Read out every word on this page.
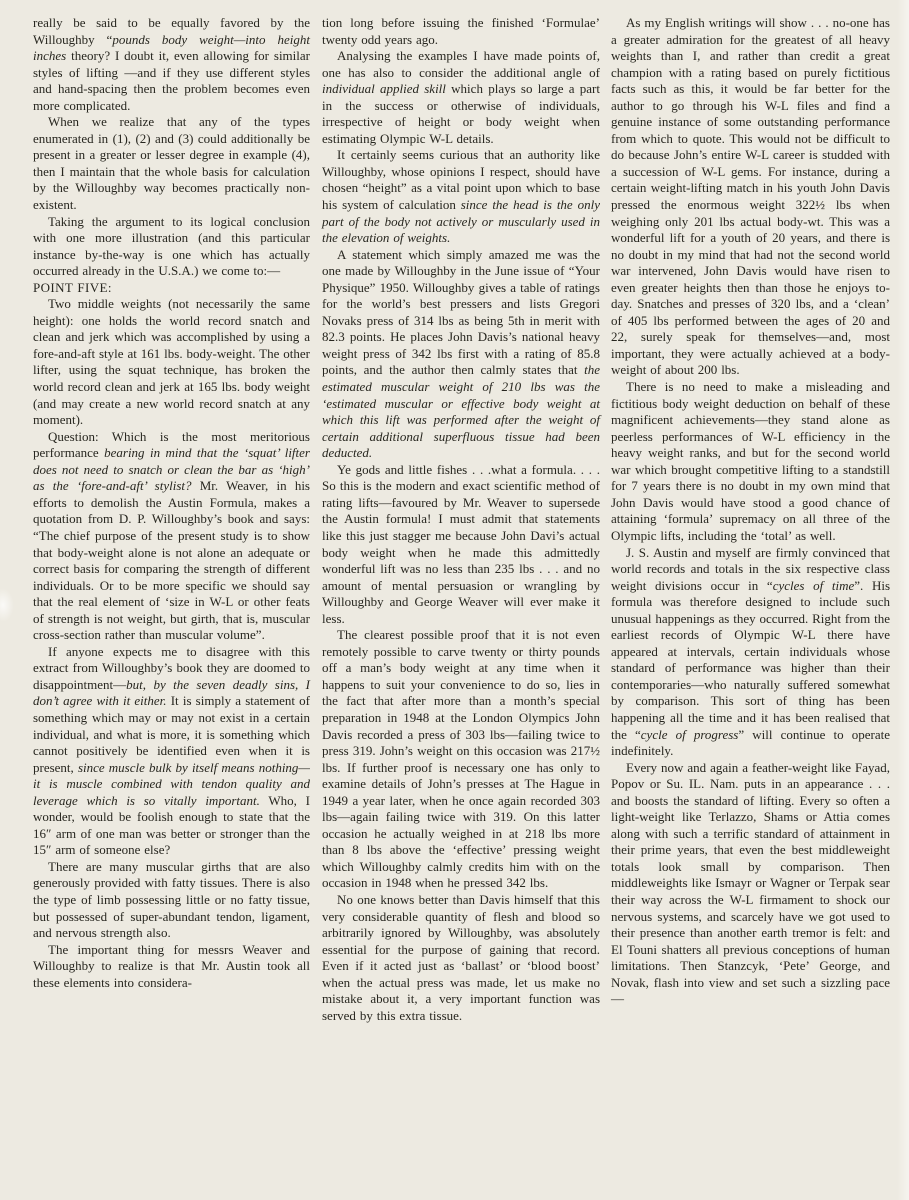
really be said to be equally favored by the Willoughby “pounds body weight—into height inches theory? I doubt it, even allowing for similar styles of lifting —and if they use different styles and hand-spacing then the problem becomes even more complicated.

When we realize that any of the types enumerated in (1), (2) and (3) could additionally be present in a greater or lesser degree in example (4), then I maintain that the whole basis for calculation by the Willoughby way becomes practically non-existent.

Taking the argument to its logical conclusion with one more illustration (and this particular instance by-the-way is one which has actually occurred already in the U.S.A.) we come to:—

POINT FIVE:

Two middle weights (not necessarily the same height): one holds the world record snatch and clean and jerk which was accomplished by using a fore-and-aft style at 161 lbs. body-weight. The other lifter, using the squat technique, has broken the world record clean and jerk at 165 lbs. body weight (and may create a new world record snatch at any moment).

Question: Which is the most meritorious performance bearing in mind that the ‘squat’ lifter does not need to snatch or clean the bar as ‘high’ as the ‘fore-and-aft’ stylist? Mr. Weaver, in his efforts to demolish the Austin Formula, makes a quotation from D. P. Willoughby’s book and says: “The chief purpose of the present study is to show that body-weight alone is not alone an adequate or correct basis for comparing the strength of different individuals. Or to be more specific we should say that the real element of ‘size in W-L or other feats of strength is not weight, but girth, that is, muscular cross-section rather than muscular volume”.

If anyone expects me to disagree with this extract from Willoughby’s book they are doomed to disappointment—but, by the seven deadly sins, I don’t agree with it either. It is simply a statement of something which may or may not exist in a certain individual, and what is more, it is something which cannot positively be identified even when it is present, since muscle bulk by itself means nothing—it is muscle combined with tendon quality and leverage which is so vitally important. Who, I wonder, would be foolish enough to state that the 16″ arm of one man was better or stronger than the 15″ arm of someone else?

There are many muscular girths that are also generously provided with fatty tissues. There is also the type of limb possessing little or no fatty tissue, but possessed of super-abundant tendon, ligament, and nervous strength also.

The important thing for messrs Weaver and Willoughby to realize is that Mr. Austin took all these elements into considera-

tion long before issuing the finished ‘Formulae’ twenty odd years ago.

Analysing the examples I have made points of, one has also to consider the additional angle of individual applied skill which plays so large a part in the success or otherwise of individuals, irrespective of height or body weight when estimating Olympic W-L details.

It certainly seems curious that an authority like Willoughby, whose opinions I respect, should have chosen “height” as a vital point upon which to base his system of calculation since the head is the only part of the body not actively or muscularly used in the elevation of weights.

A statement which simply amazed me was the one made by Willoughby in the June issue of “Your Physique” 1950. Willoughby gives a table of ratings for the world’s best pressers and lists Gregori Novaks press of 314 lbs as being 5th in merit with 82.3 points. He places John Davis’s national heavy weight press of 342 lbs first with a rating of 85.8 points, and the author then calmly states that the estimated muscular weight of 210 lbs was the ‘estimated muscular or effective body weight at which this lift was performed after the weight of certain additional superfluous tissue had been deducted.

Ye gods and little fishes . . .what a formula. . . . So this is the modern and exact scientific method of rating lifts—favoured by Mr. Weaver to supersede the Austin formula! I must admit that statements like this just stagger me because John Davi’s actual body weight when he made this admittedly wonderful lift was no less than 235 lbs . . . and no amount of mental persuasion or wrangling by Willoughby and George Weaver will ever make it less.

The clearest possible proof that it is not even remotely possible to carve twenty or thirty pounds off a man’s body weight at any time when it happens to suit your convenience to do so, lies in the fact that after more than a month’s special preparation in 1948 at the London Olympics John Davis recorded a press of 303 lbs—failing twice to press 319. John’s weight on this occasion was 217½ lbs. If further proof is necessary one has only to examine details of John’s presses at The Hague in 1949 a year later, when he once again recorded 303 lbs—again failing twice with 319. On this latter occasion he actually weighed in at 218 lbs more than 8 lbs above the ‘effective’ pressing weight which Willoughby calmly credits him with on the occasion in 1948 when he pressed 342 lbs.

No one knows better than Davis himself that this very considerable quantity of flesh and blood so arbitrarily ignored by Willoughby, was absolutely essential for the purpose of gaining that record. Even if it acted just as ‘ballast’ or ‘blood boost’ when the actual press was made, let us make no mistake about it, a very important function was served by this extra tissue.

As my English writings will show . . . no-one has a greater admiration for the greatest of all heavy weights than I, and rather than credit a great champion with a rating based on purely fictitious facts such as this, it would be far better for the author to go through his W-L files and find a genuine instance of some outstanding performance from which to quote. This would not be difficult to do because John’s entire W-L career is studded with a succession of W-L gems. For instance, during a certain weight-lifting match in his youth John Davis pressed the enormous weight 322½ lbs when weighing only 201 lbs actual body-wt. This was a wonderful lift for a youth of 20 years, and there is no doubt in my mind that had not the second world war intervened, John Davis would have risen to even greater heights then than those he enjoys to-day. Snatches and presses of 320 lbs, and a ‘clean’ of 405 lbs performed between the ages of 20 and 22, surely speak for themselves—and, most important, they were actually achieved at a body-weight of about 200 lbs.

There is no need to make a misleading and fictitious body weight deduction on behalf of these magnificent achievements—they stand alone as peerless performances of W-L efficiency in the heavy weight ranks, and but for the second world war which brought competitive lifting to a standstill for 7 years there is no doubt in my own mind that John Davis would have stood a good chance of attaining ‘formula’ supremacy on all three of the Olympic lifts, including the ‘total’ as well.

J. S. Austin and myself are firmly convinced that world records and totals in the six respective class weight divisions occur in “cycles of time”. His formula was therefore designed to include such unusual happenings as they occurred. Right from the earliest records of Olympic W-L there have appeared at intervals, certain individuals whose standard of performance was higher than their contemporaries—who naturally suffered somewhat by comparison. This sort of thing has been happening all the time and it has been realised that the “cycle of progress” will continue to operate indefinitely.

Every now and again a feather-weight like Fayad, Popov or Su. IL. Nam. puts in an appearance . . . and boosts the standard of lifting. Every so often a light-weight like Terlazzo, Shams or Attia comes along with such a terrific standard of attainment in their prime years, that even the best middleweight totals look small by comparison. Then middleweights like Ismayr or Wagner or Terpak sear their way across the W-L firmament to shock our nervous systems, and scarcely have we got used to their presence than another earth tremor is felt: and El Touni shatters all previous conceptions of human limitations. Then Stanzcyk, ‘Pete’ George, and Novak, flash into view and set such a sizzling pace—
